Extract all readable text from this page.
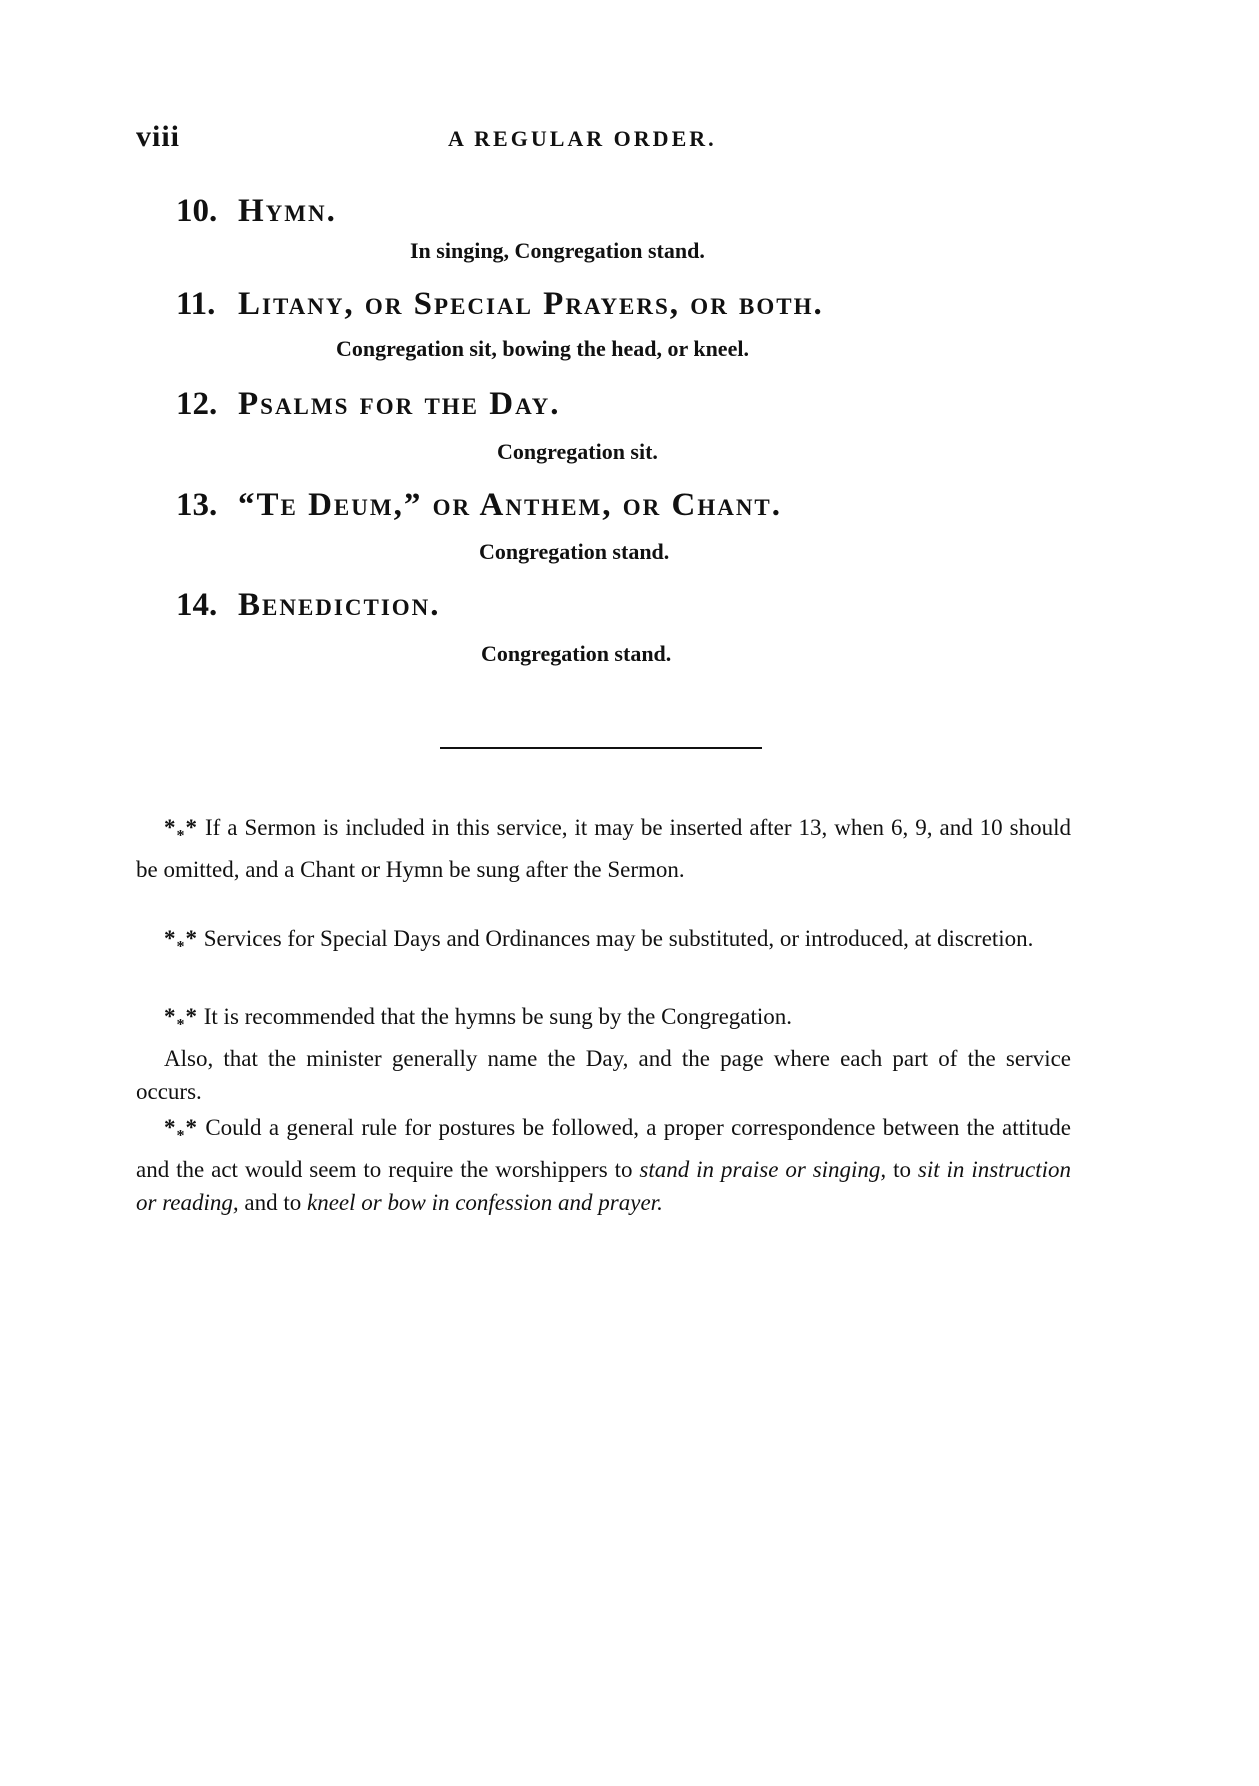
viii	A REGULAR ORDER.
10. Hymn.
In singing, Congregation stand.
11. Litany, or Special Prayers, or both.
Congregation sit, bowing the head, or kneel.
12. Psalms for the Day.
Congregation sit.
13. “Te Deum,” or Anthem, or Chant.
Congregation stand.
14. Benediction.
Congregation stand.

$*_**$ If a Sermon is included in this service, it may be inserted after 13, when 6, 9, and 10 should be omitted, and a Chant or Hymn be sung after the Sermon.

$*_**$ Services for Special Days and Ordinances may be substituted, or introduced, at discretion.

$*_**$ It is recommended that the hymns be sung by the Congregation.

Also, that the minister generally name the Day, and the page where each part of the service occurs.

$*_**$ Could a general rule for postures be followed, a proper correspondence between the attitude and the act would seem to require the worshippers to stand in praise or singing, to sit in instruction or reading, and to kneel or bow in confession and prayer.
